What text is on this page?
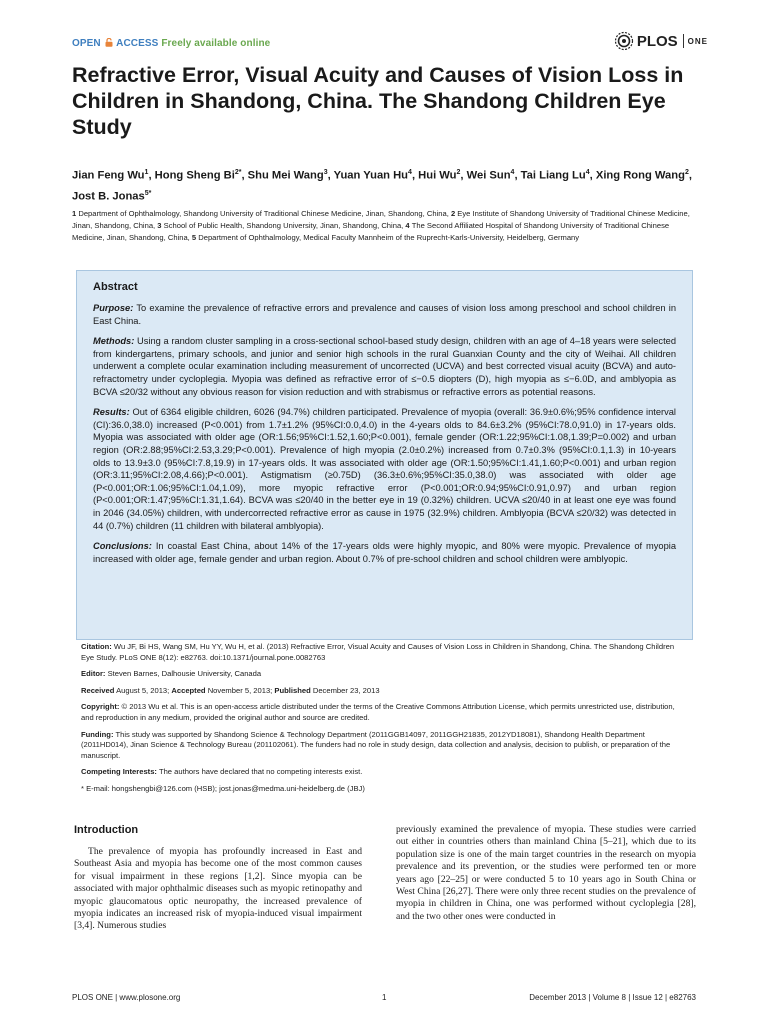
OPEN ACCESS Freely available online	PLOS ONE
Refractive Error, Visual Acuity and Causes of Vision Loss in Children in Shandong, China. The Shandong Children Eye Study

Jian Feng Wu$^1$, Hong Sheng $Bi^{2*}$, Shu Mei Wang$^3$, Yuan Yuan Hu$^4$, Hui Wu$^2$, Wei Sun$^4$, Tai Liang Lu$^4$, Xing Rong Wang$^2$, Jost B. Jonas$^{5*}$

1 Department of Ophthalmology, Shandong University of Traditional Chinese Medicine, Jinan, Shandong, China, 2 Eye Institute of Shandong University of Traditional Chinese Medicine, Jinan, Shandong, China, 3 School of Public Health, Shandong University, Jinan, Shandong, China, 4 The Second Affiliated Hospital of Shandong University of Traditional Chinese Medicine, Jinan, Shandong, China, 5 Department of Ophthalmology, Medical Faculty Mannheim of the Ruprecht-Karls-University, Heidelberg, Germany

Abstract

Purpose: To examine the prevalence of refractive errors and prevalence and causes of vision loss among preschool and school children in East China.

Methods: Using a random cluster sampling in a cross-sectional school-based study design, children with an age of 4–18 years were selected from kindergartens, primary schools, and junior and senior high schools in the rural Guanxian County and the city of Weihai. All children underwent a complete ocular examination including measurement of uncorrected (UCVA) and best corrected visual acuity (BCVA) and auto-refractometry under cycloplegia. Myopia was defined as refractive error of ≤−0.5 diopters (D), high myopia as ≤−6.0D, and amblyopia as BCVA ≤20/32 without any obvious reason for vision reduction and with strabismus or refractive errors as potential reasons.

Results: Out of 6364 eligible children, 6026 (94.7%) children participated. Prevalence of myopia (overall: 36.9±0.6%;95% confidence interval (CI):36.0,38.0) increased (P<0.001) from 1.7±1.2% (95%CI:0.0,4.0) in the 4-years olds to 84.6±3.2% (95%CI:78.0,91.0) in 17-years olds. Myopia was associated with older age (OR:1.56;95%CI:1.52,1.60;P<0.001), female gender (OR:1.22;95%CI:1.08,1.39;P=0.002) and urban region (OR:2.88;95%CI:2.53,3.29;P<0.001). Prevalence of high myopia (2.0±0.2%) increased from 0.7±0.3% (95%CI:0.1,1.3) in 10-years olds to 13.9±3.0 (95%CI:7.8,19.9) in 17-years olds. It was associated with older age (OR:1.50;95%CI:1.41,1.60;P<0.001) and urban region (OR:3.11;95%CI:2.08,4.66);P<0.001). Astigmatism (≥0.75D) (36.3±0.6%;95%CI:35.0,38.0) was associated with older age (P<0.001;OR:1.06;95%CI:1.04,1.09), more myopic refractive error (P<0.001;OR:0.94;95%CI:0.91,0.97) and urban region (P<0.001;OR:1.47;95%CI:1.31,1.64). BCVA was ≤20/40 in the better eye in 19 (0.32%) children. UCVA ≤20/40 in at least one eye was found in 2046 (34.05%) children, with undercorrected refractive error as cause in 1975 (32.9%) children. Amblyopia (BCVA ≤20/32) was detected in 44 (0.7%) children (11 children with bilateral amblyopia).

Conclusions: In coastal East China, about 14% of the 17-years olds were highly myopic, and 80% were myopic. Prevalence of myopia increased with older age, female gender and urban region. About 0.7% of pre-school children and school children were amblyopic.

Citation: Wu JF, Bi HS, Wang SM, Hu YY, Wu H, et al. (2013) Refractive Error, Visual Acuity and Causes of Vision Loss in Children in Shandong, China. The Shandong Children Eye Study. PLoS ONE 8(12): e82763. doi:10.1371/journal.pone.0082763

Editor: Steven Barnes, Dalhousie University, Canada

Received August 5, 2013; Accepted November 5, 2013; Published December 23, 2013

Copyright: © 2013 Wu et al. This is an open-access article distributed under the terms of the Creative Commons Attribution License, which permits unrestricted use, distribution, and reproduction in any medium, provided the original author and source are credited.

Funding: This study was supported by Shandong Science & Technology Department (2011GGB14097, 2011GGH21835, 2012YD18081), Shandong Health Department (2011HD014), Jinan Science & Technology Bureau (201102061). The funders had no role in study design, data collection and analysis, decision to publish, or preparation of the manuscript.

Competing Interests: The authors have declared that no competing interests exist.

* E-mail: hongshengbi@126.com (HSB); jost.jonas@medma.uni-heidelberg.de (JBJ)

Introduction

The prevalence of myopia has profoundly increased in East and Southeast Asia and myopia has become one of the most common causes for visual impairment in these regions [1,2]. Since myopia can be associated with major ophthalmic diseases such as myopic retinopathy and myopic glaucomatous optic neuropathy, the increased prevalence of myopia indicates an increased risk of myopia-induced visual impairment [3,4]. Numerous studies

previously examined the prevalence of myopia. These studies were carried out either in countries others than mainland China [5–21], which due to its population size is one of the main target countries in the research on myopia prevalence and its prevention, or the studies were performed ten or more years ago [22–25] or were conducted 5 to 10 years ago in South China or West China [26,27]. There were only three recent studies on the prevalence of myopia in children in China, one was performed without cycloplegia [28], and the two other ones were conducted in

PLOS ONE | www.plosone.org	1	December 2013 | Volume 8 | Issue 12 | e82763
